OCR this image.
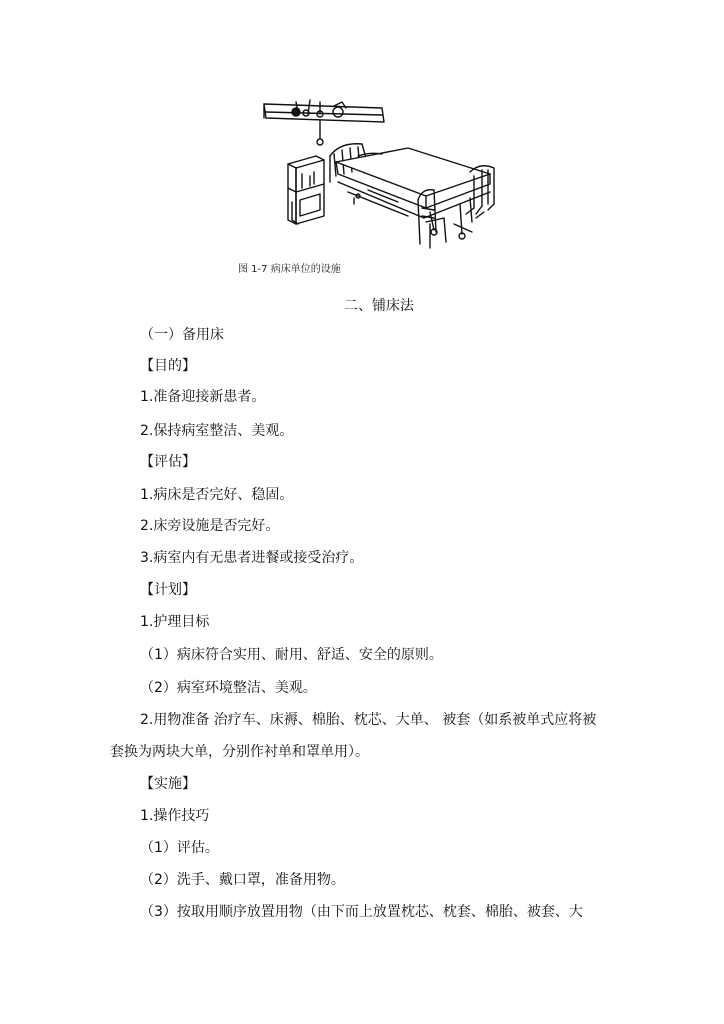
图 1-7 病床单位的设施
二、铺床法
（一）备用床
【目的】
1.准备迎接新患者。
2.保持病室整洁、美观。
【评估】
1.病床是否完好、稳固。
2.床旁设施是否完好。
3.病室内有无患者进餐或接受治疗。
【计划】
1.护理目标
（1）病床符合实用、耐用、舒适、安全的原则。
（2）病室环境整洁、美观。
2.用物准备 治疗车、床褥、棉胎、枕芯、大单、 被套（如系被单式应将被
套换为两块大单，分别作衬单和罩单用）。
【实施】
1.操作技巧
（1）评估。
（2）洗手、戴口罩，准备用物。
（3）按取用顺序放置用物（由下而上放置枕芯、枕套、棉胎、被套、大
